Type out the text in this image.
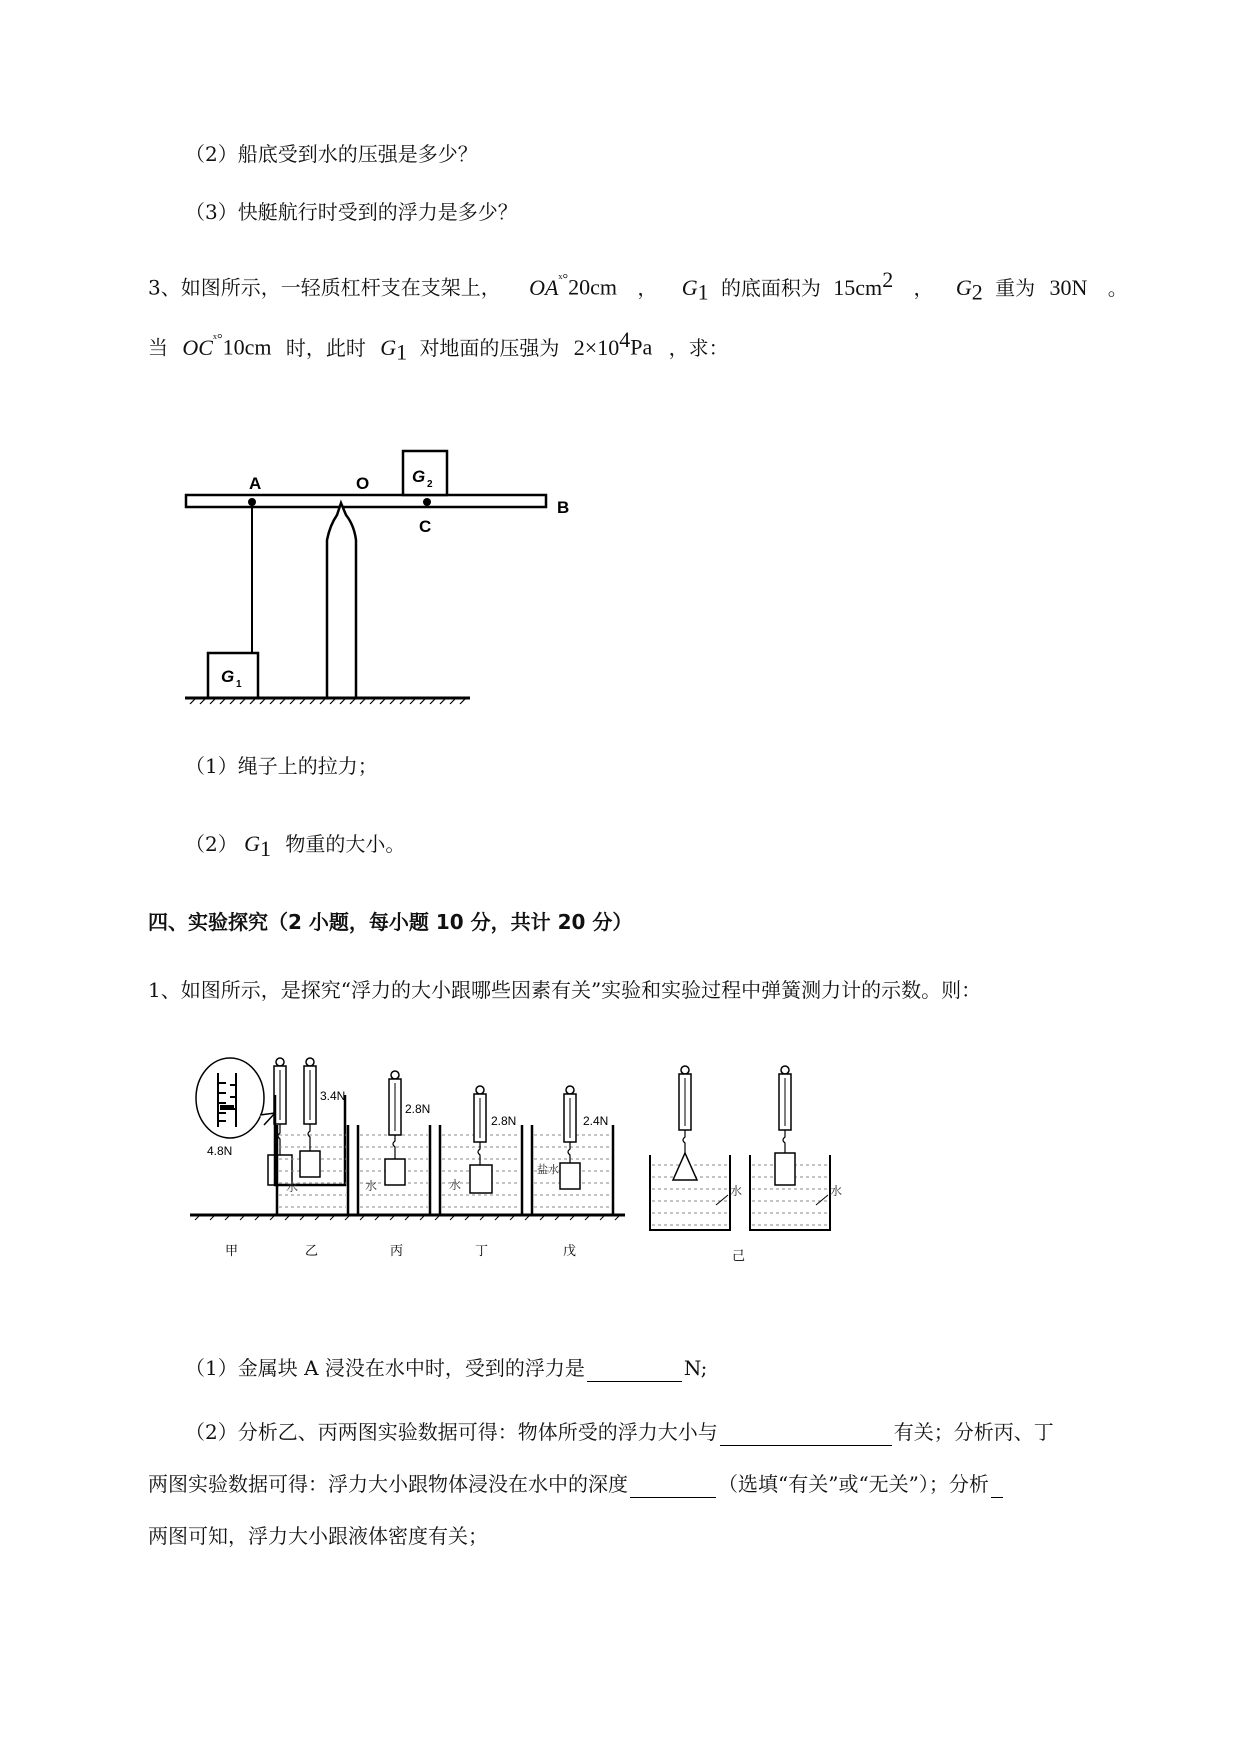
（2）船底受到水的压强是多少？
（3）快艇航行时受到的浮力是多少？
3、如图所示，一轻质杠杆支在支架上， $OA^{ˣ^\circ}20cm$ ， $G_1$ 的底面积为 $15cm^2$ ， $G_2$ 重为 30N 。
当 $OC^{ˣ^\circ}10cm$ 时，此时 $G_1$ 对地面的压强为 $2\times 10^4Pa$ ，求：
G 2
A	O
B
C
G 1
（1）绳子上的拉力；
（2） $G_1$ 物重的大小。
四、实验探究（2 小题，每小题 10 分，共计 20 分）
1、如图所示，是探究“浮力的大小跟哪些因素有关”实验和实验过程中弹簧测力计的示数。则：
4.8N
3.4N
水
2.8N
水
2.8N
水
2.4N
盐水
水	水
甲	乙	丙	丁	戊	己
（1）金属块 A 浸没在水中时，受到的浮力是	N;
（2）分析乙、丙两图实验数据可得：物体所受的浮力大小与	有关；分析丙、丁
两图实验数据可得：浮力大小跟物体浸没在水中的深度	（选填“有关”或“无关”）；分析
两图可知，浮力大小跟液体密度有关；
